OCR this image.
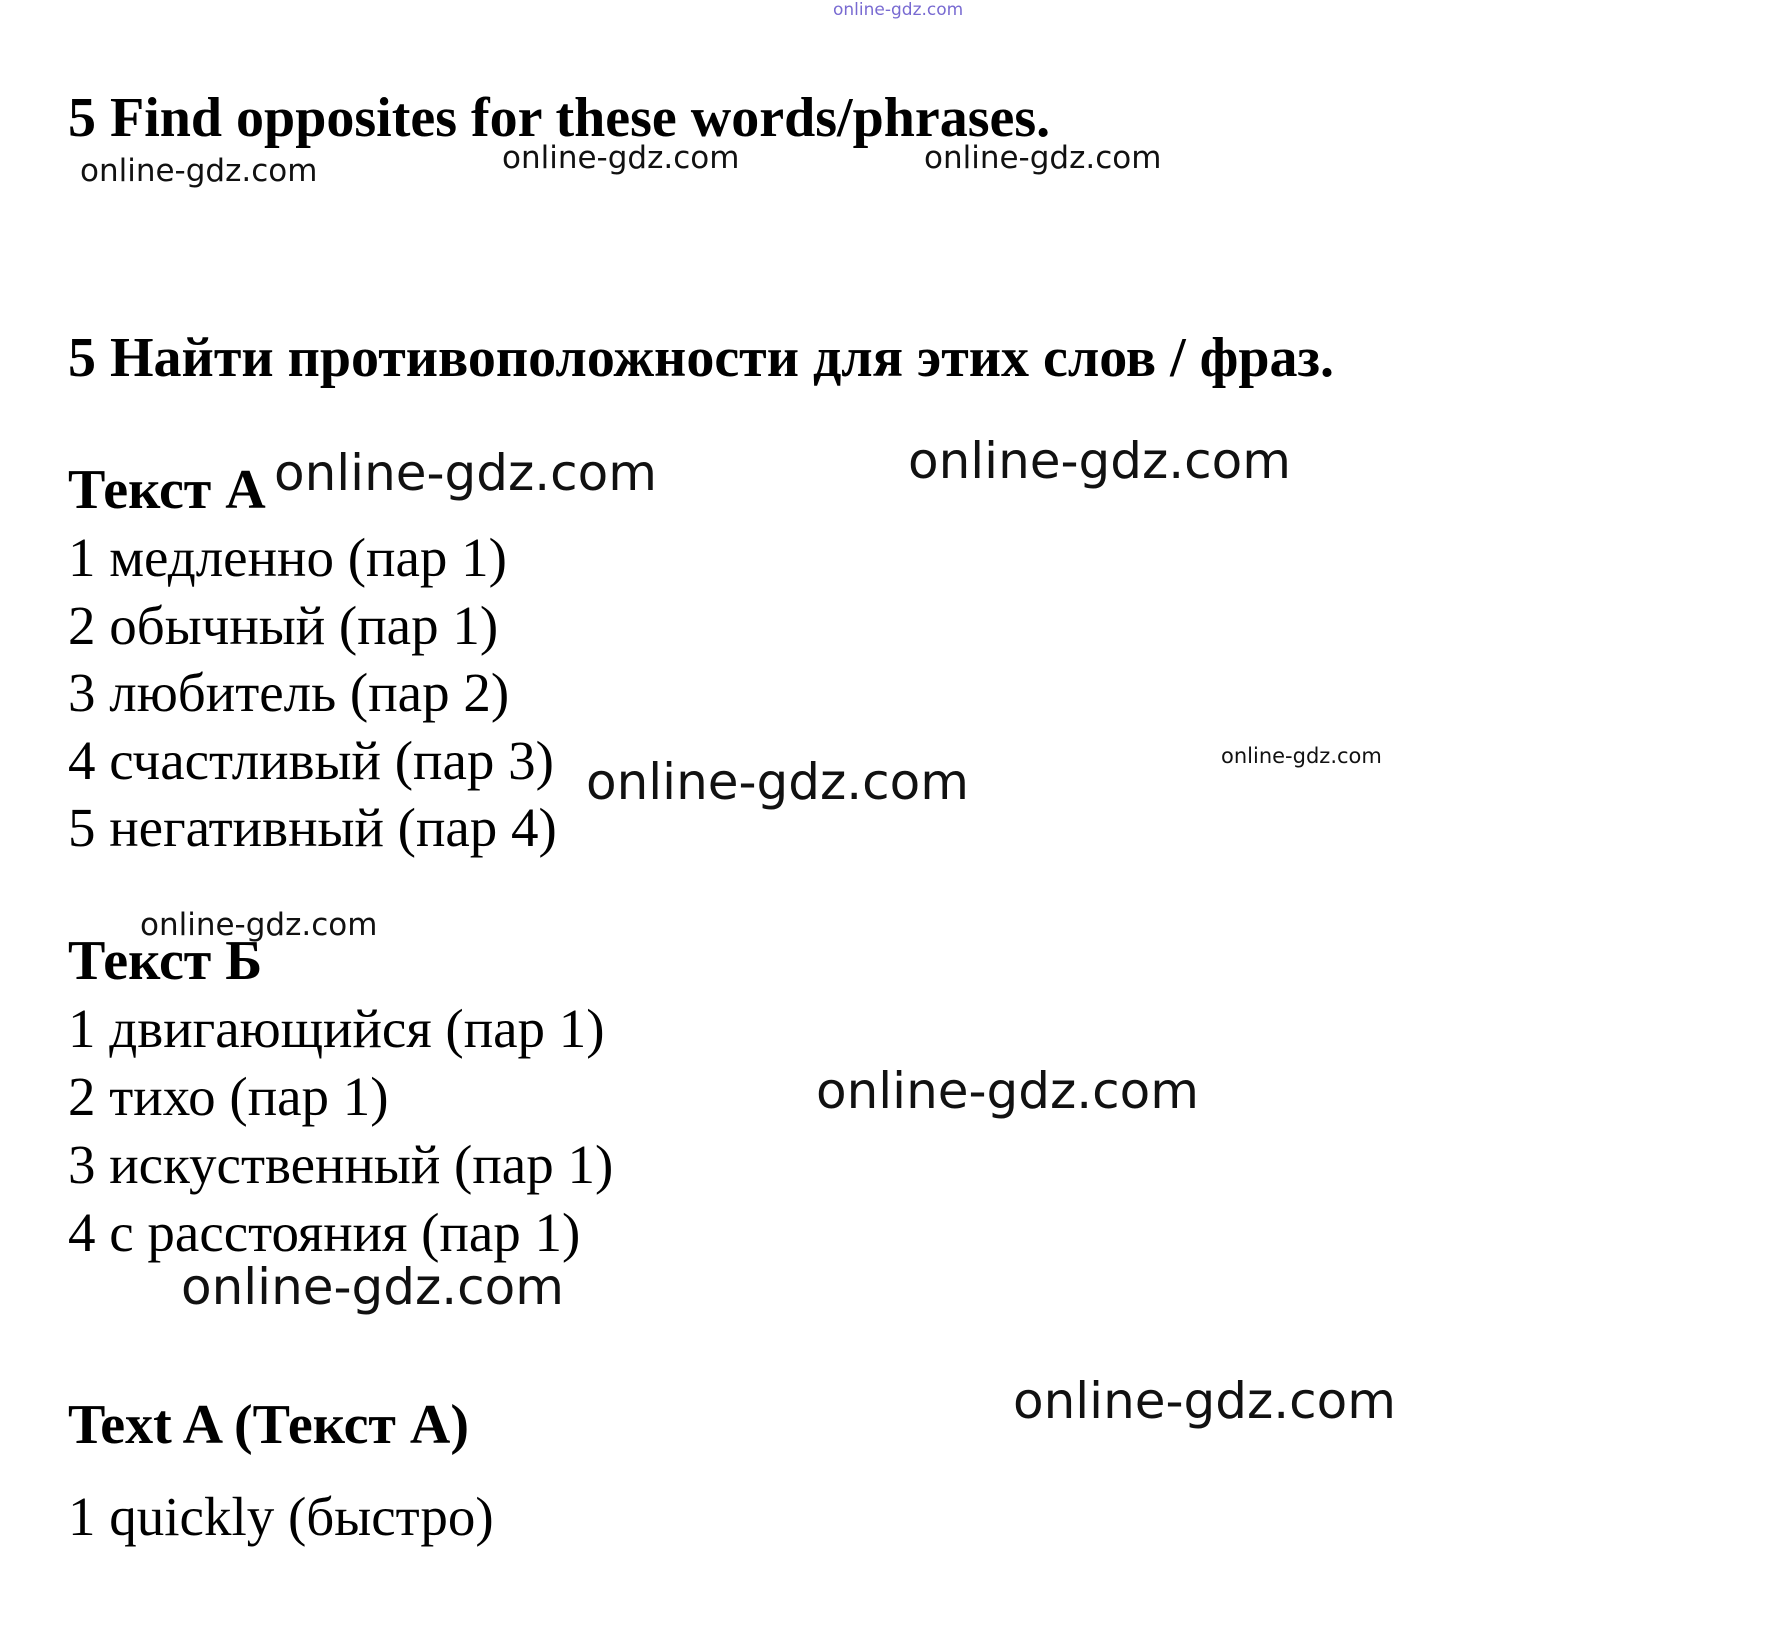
online-gdz.com
online-gdz.com	online-gdz.com	online-gdz.com
online-gdz.com	online-gdz.com
online-gdz.com	online-gdz.com
online-gdz.com
online-gdz.com
online-gdz.com
online-gdz.com
5 Find opposites for these words/phrases.
5 Найти противоположности для этих слов / фраз.
Текст А
1 медленно (пар 1)
2 обычный (пар 1)
3 любитель (пар 2)
4 счастливый (пар 3)
5 негативный (пар 4)
Текст Б
1 двигающийся (пар 1)
2 тихо (пар 1)
3 искуственный (пар 1)
4 с расстояния (пар 1)
Text A (Текст А)
1 quickly (быстро)
